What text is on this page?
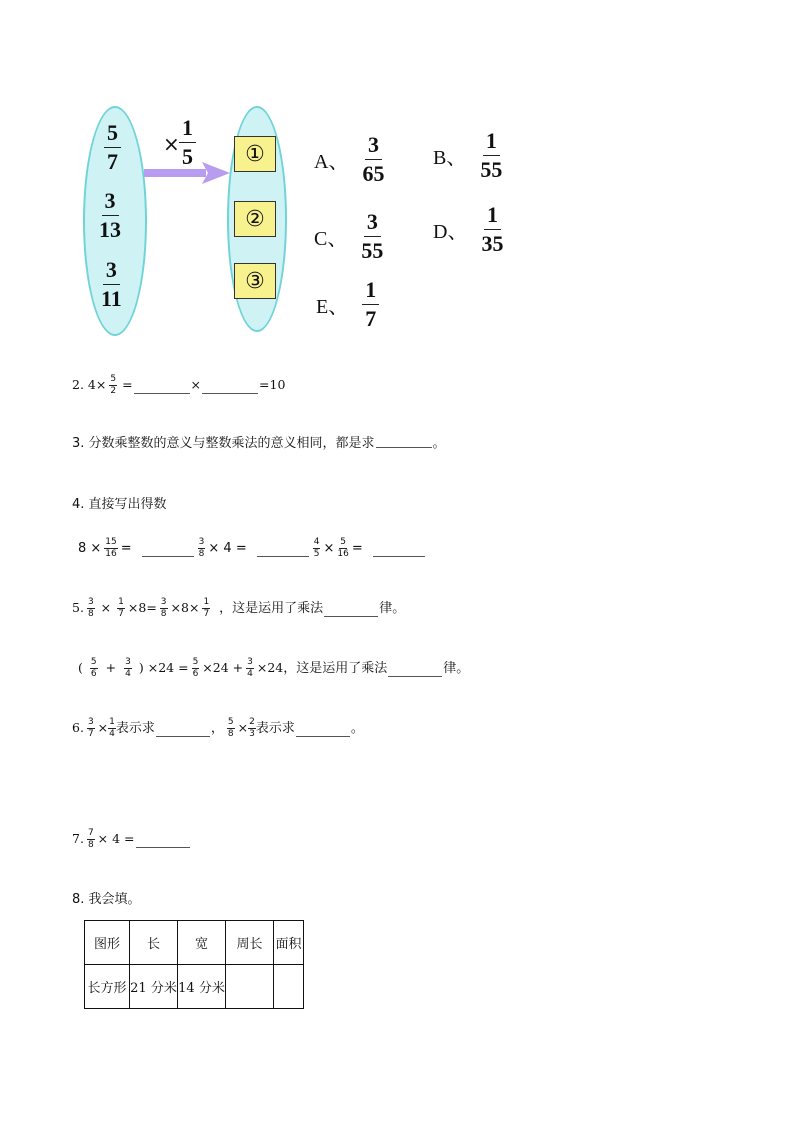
$\frac{5}{7}$
$\frac{3}{13}$
$\frac{3}{11}$
× $\frac{1}{5}$ ①
②
③
A、 $\frac{3}{65}$ B、 $\frac{1}{55}$
C、 $\frac{3}{55}$ D、 $\frac{1}{35}$
E、 $\frac{1}{7}$
2. $4\times \frac{5}{2}$ =	×	=10
3. 分数乘整数的意义与整数乘法的意义相同，都是求	。
4. 直接写出得数
$8 \times \frac{15}{16}$ =	$\frac{3}{8} \times 4$ =	$\frac{4}{5} \times \frac{5}{16}$ =
5. $\frac{3}{8} \times \frac{1}{7} \times 8= \frac{3}{8} \times 8\times \frac{1}{7}$ ，这是运用了乘法	律。
( $\frac{5}{6} + \frac{3}{4}$ ) $\times 24 = \frac{5}{6} \times 24 + \frac{3}{4} \times 24$ ，这是运用了乘法	律。
6. $\frac{3}{7} \times \frac{1}{4}$ 表示求	， $\frac{5}{8} \times \frac{2}{3}$ 表示求	。
7. $\frac{7}{8} \times 4$ =
8. 我会填。
图形	长	宽	周长	面积
长方形	21 分米	14 分米		
